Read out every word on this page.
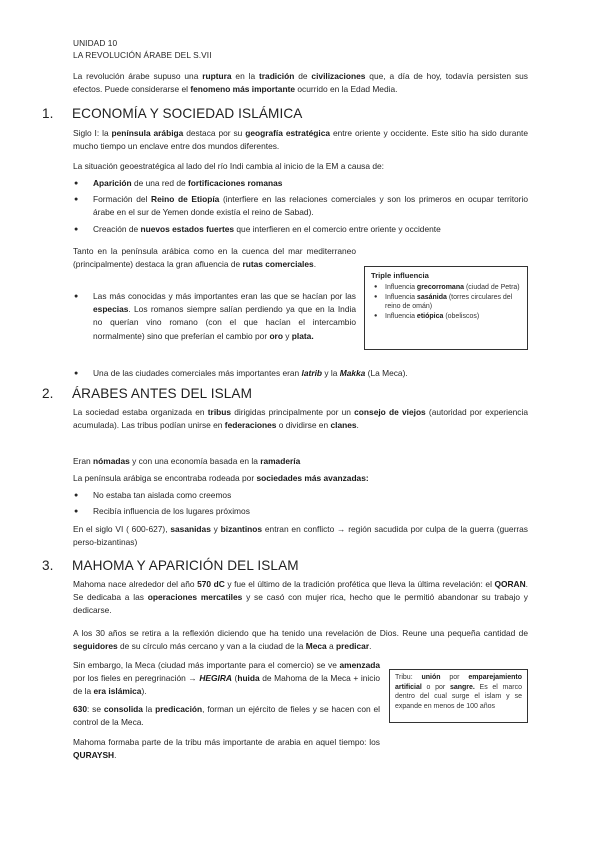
UNIDAD 10
LA REVOLUCIÓN ÁRABE DEL S.VII
La revolución árabe supuso una ruptura en la tradición de civilizaciones que, a día de hoy, todavía persisten sus efectos. Puede considerarse el fenomeno más importante ocurrido en la Edad Media.
1. ECONOMÍA Y SOCIEDAD ISLÁMICA
Siglo I: la península arábiga destaca por su geografía estratégica entre oriente y occidente. Este sitio ha sido durante mucho tiempo un enclave entre dos mundos diferentes.
La situación geoestratégica al lado del río Indi cambia al inicio de la EM a causa de:
● Aparición de una red de fortificaciones romanas
● Formación del Reino de Etiopía (interfiere en las relaciones comerciales y son los primeros en ocupar territorio árabe en el sur de Yemen donde existía el reino de Sabad).
● Creación de nuevos estados fuertes que interfieren en el comercio entre oriente y occidente
Tanto en la península arábica como en la cuenca del mar mediterraneo (principalmente) destaca la gran afluencia de rutas comerciales.
● Las más conocidas y más importantes eran las que se hacían por las especias. Los romanos siempre salían perdiendo ya que en la India no querían vino romano (con el que hacían el intercambio normalmente) sino que preferían el cambio por oro y plata.
Triple influencia
● Influencia grecorromana (ciudad de Petra)
● Influencia sasánida (torres circulares del reino de omán)
● Influencia etiópica (obeliscos)
● Una de las ciudades comerciales más importantes eran latrib y la Makka (La Meca).
2. ÁRABES ANTES DEL ISLAM
La sociedad estaba organizada en tribus dirigidas principalmente por un consejo de viejos (autoridad por experiencia acumulada). Las tribus podían unirse en federaciones o dividirse en clanes.
Eran nómadas y con una economía basada en la ramadería
La península arábiga se encontraba rodeada por sociedades más avanzadas:
● No estaba tan aislada como creemos
● Recibía influencia de los lugares próximos
En el siglo VI ( 600-627), sasanidas y bizantinos entran en conflicto → región sacudida por culpa de la guerra (guerras perso-bizantinas)
3. MAHOMA Y APARICIÓN DEL ISLAM
Mahoma nace alrededor del año 570 dC y fue el último de la tradición profética que lleva la última revelación: el QORAN. Se dedicaba a las operaciones mercatiles y se casó con mujer rica, hecho que le permitió abandonar su trabajo y dedicarse.
A los 30 años se retira a la reflexión diciendo que ha tenido una revelación de Dios. Reune una pequeña cantidad de seguidores de su círculo más cercano y van a la ciudad de la Meca a predicar.
Sin embargo, la Meca (ciudad más importante para el comercio) se ve amenzada por los fieles en peregrinación → HEGIRA (huida de Mahoma de la Meca + inicio de la era islámica).
630: se consolida la predicación, forman un ejército de fieles y se hacen con el control de la Meca.
Mahoma formaba parte de la tribu más importante de arabia en aquel tiempo: los QURAYSH.
Tribu: unión por emparejamiento artificial o por sangre. Es el marco dentro del cual surge el islam y se expande en menos de 100 años
